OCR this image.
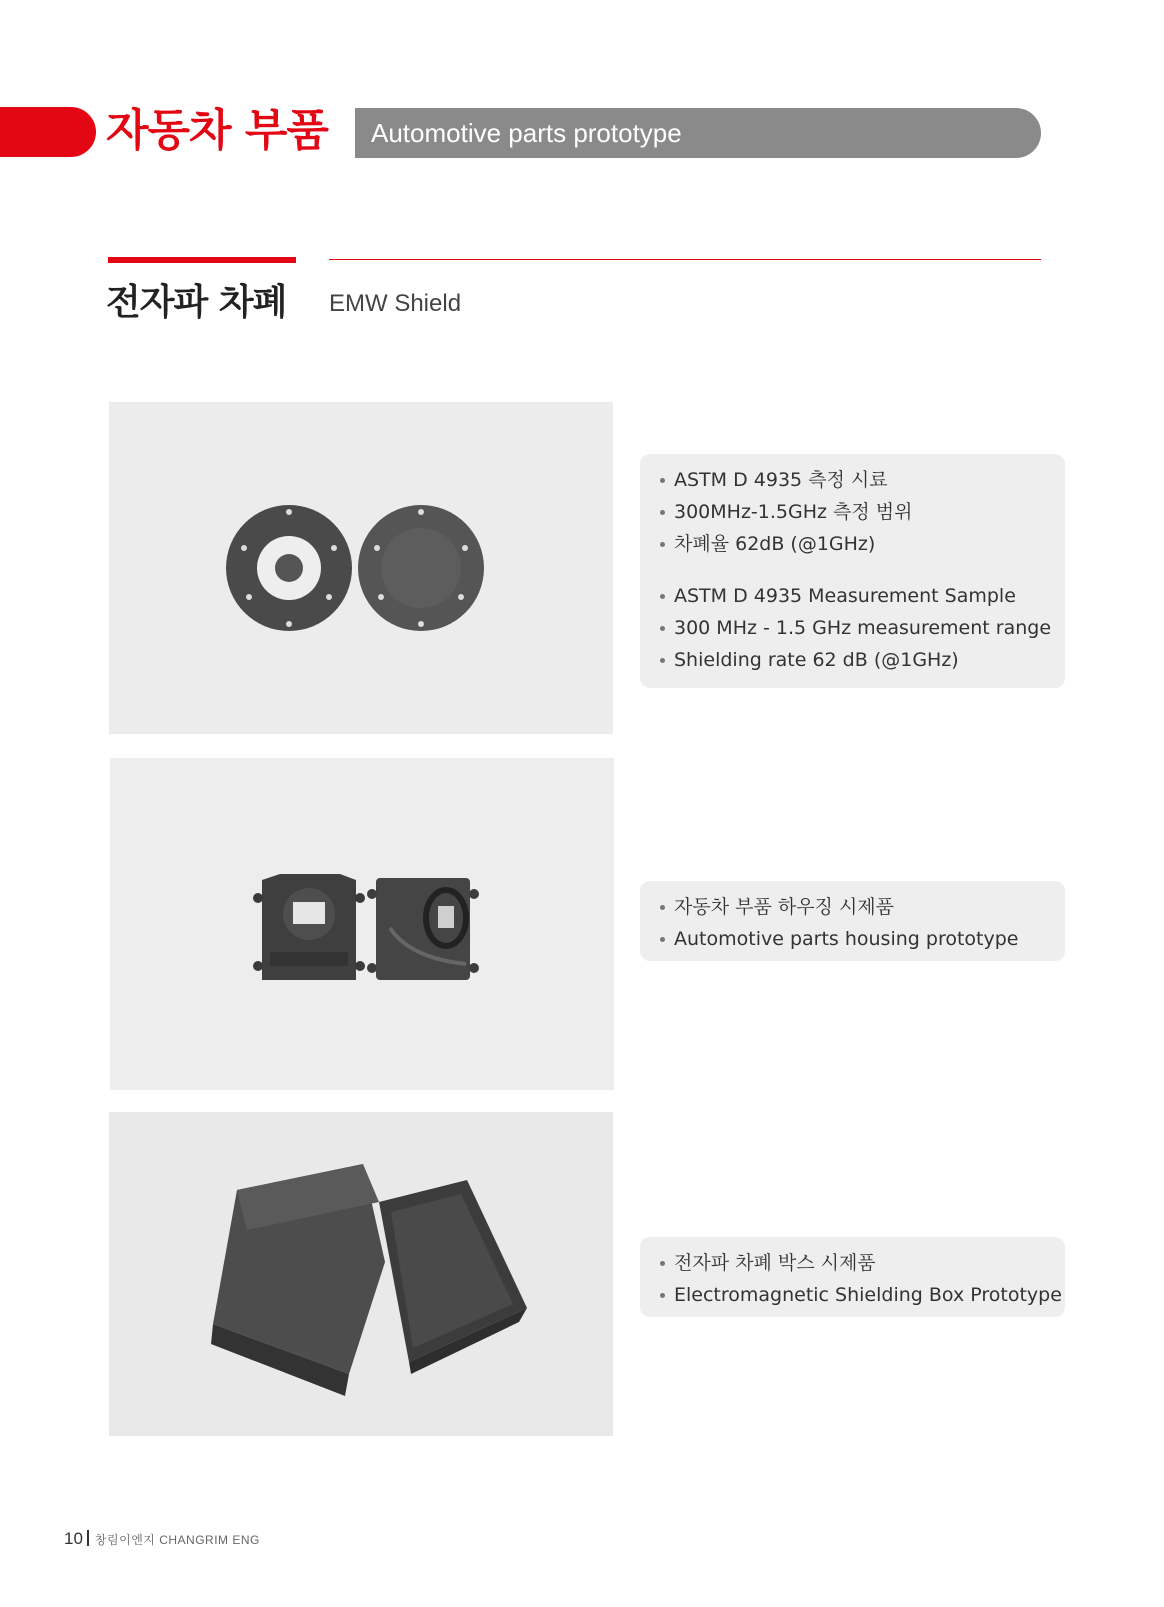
자동차 부품 Automotive parts prototype
전자파 차폐 EMW Shield
ASTM D 4935 측정 시료
300MHz-1.5GHz 측정 범위
차폐율 62dB (@1GHz)
ASTM D 4935 Measurement Sample
300 MHz - 1.5 GHz measurement range
Shielding rate 62 dB (@1GHz)
자동차 부품 하우징 시제품
Automotive parts housing prototype
전자파 차폐 박스 시제품
Electromagnetic Shielding Box Prototype
10 창림이엔지 CHANGRIM ENG
